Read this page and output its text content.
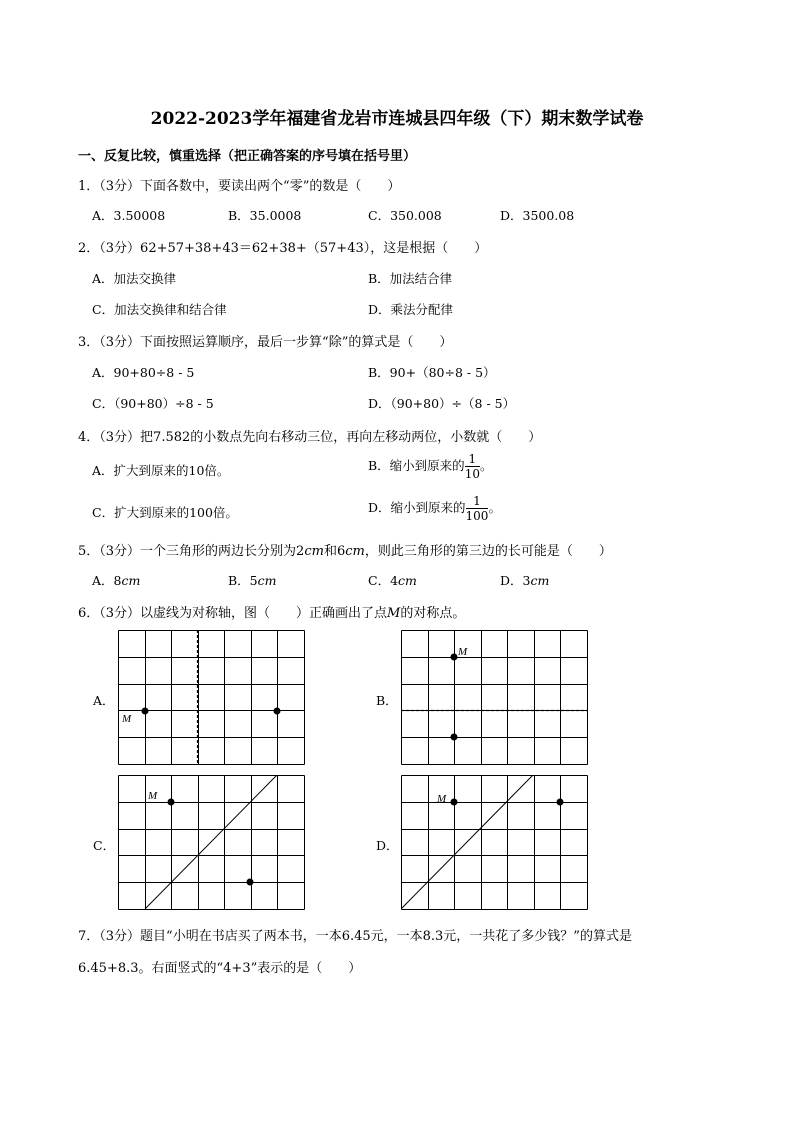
2022-2023学年福建省龙岩市连城县四年级（下）期末数学试卷
一、反复比较，慎重选择（把正确答案的序号填在括号里）
1．（3分）下面各数中，要读出两个“零”的数是（　　）
A．3.50008	B．35.0008	C．350.008	D．3500.08
2．（3分）62+57+38+43＝62+38+（57+43），这是根据（　　）
A．加法交换律	B．加法结合律
C．加法交换律和结合律	D．乘法分配律
3．（3分）下面按照运算顺序，最后一步算“除”的算式是（　　）
A．90+80÷8 - 5	B．90+（80÷8 - 5）
C．（90+80）÷8 - 5	D．（90+80）÷（8 - 5）
4．（3分）把7.582的小数点先向右移动三位，再向左移动两位，小数就（　　）
A．扩大到原来的10倍。	B．缩小到原来的 $\frac{1}{10}$ 。
C．扩大到原来的100倍。	D．缩小到原来的 $\frac{1}{100}$ 。
5．（3分）一个三角形的两边长分别为2cm和6cm，则此三角形的第三边的长可能是（　　）
A．8cm	B．5cm	C．4cm	D．3cm
6．（3分）以虚线为对称轴，图（　　）正确画出了点M的对称点。
A．	B．
C．	D．
M
M
M	M
7．（3分）题目“小明在书店买了两本书，一本6.45元，一本8.3元，一共花了多少钱？”的算式是
6.45+8.3。右面竖式的“4+3”表示的是（　　）
